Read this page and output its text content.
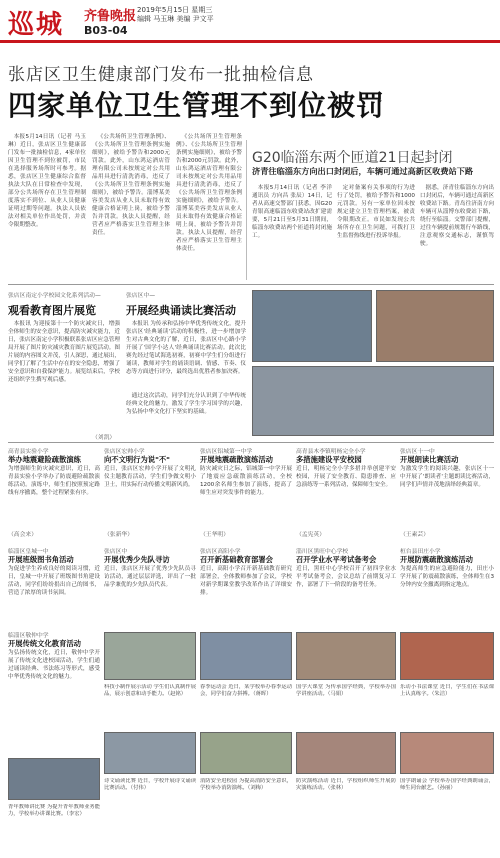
巡城 齐鲁晚报 2019年5月15日 星期三
编辑 马玉琳 美编 尹文平
B03-04
张店区卫生健康部门发布一批抽检信息
四家单位卫生管理不到位被罚

本报5月14日讯（记者 马玉琳）近日，张店区卫生健康部门发布一批抽检信息，4家单位因卫生管理不到位被罚，市民在选择服务场所时可参考。据悉，张店区卫生健康综合监督执法大队在日常检查中发现，部分公共场所存在卫生管理制度落实不到位、从业人员健康证明过期等问题。执法人员依法对相关单位作出处罚，并责令限期整改。

《公共场所卫生管理条例》、《公共场所卫生管理条例实施细则》，被给予警告和2000元罚款。此外，山东鸿运酒店管理有限公司未按规定对公共用品用具进行清洗消毒，违反了《公共场所卫生管理条例实施细则》，被给予警告。淄博某美容美发店从业人员未取得有效健康合格证明上岗，被给予警告并罚款。执法人员提醒，经营者应严格落实卫生管理主体责任。

《公共场所卫生管理条例》、《公共场所卫生管理条例实施细则》，被给予警告和2000元罚款。此外，山东鸿运酒店管理有限公司未按规定对公共用品用具进行清洗消毒，违反了《公共场所卫生管理条例实施细则》，被给予警告。淄博某美容美发店从业人员未取得有效健康合格证明上岗，被给予警告并罚款。执法人员提醒，经营者应严格落实卫生管理主体责任。

G20临淄东两个匝道21日起封闭
济青往临淄东方向出口封闭后，车辆可通过高新区收费站下路

本报5月14日讯（记者 李洋 通讯员 方向昌 张辰）14日，记者从高速交警部门获悉，因G20青银高速临淄东收费站改扩建需要，5月21日至5月31日期间，临淄东收费站两个匝道将封闭施工。

定对备案有关事项的行为进行了处罚，被给予警告和1000元罚款。另有一家单位因未按规定建立卫生管理档案，被责令限期改正。市民如发现公共场所存在卫生问题，可拨打卫生监督热线进行投诉举报。

据悉，济青往临淄东方向出口封闭后，车辆可通过高新区收费站下路。青岛往济南方向车辆可从淄博东收费站下路，绕行至临淄。交警部门提醒，过往车辆提前规划行车路线，注意观察交通标志，谨慎驾驶。

张店区南定小学校园文化系列活动—
观看教育图片展览

本报讯 为迎接第十一个防灾减灾日，增强全体师生的安全意识，提高防灾减灾能力，近日，张店区南定小学积极联系张店区应急管理局开展了图片防灾减灾教育图片展览活动。图片展的内容图文并茂，引人深思，通过展出，同学们了解了生活中存在的安全隐患，增强了安全意识和自我保护能力。展览结束后，学校还组织学生撰写观后感。

（刘凯）
张店区中—
开展经典诵读比赛活动

本报讯 为传承和弘扬中华优秀传统文化，提升张店区'经典诵读'活动的积极性，进一步增加学生对古典文化的了解，近日，张店区中心路小学开展了'国学小达人'经典诵读比赛活动。此次比赛先经过笔试海选初赛，初赛中学生们分组进行诵读，教师对学生的诵读语调、情感、节奏、仪态等方面进行评分，最终选出优胜者参加决赛。

通过这次活动，同学们充分认识到了中华传统经典文化的魅力，激发了学生学习国学的兴趣，为弘扬中华文化打下坚实的基础。

高青县实验小学
举办地震避险疏散演练
为增强师生防灾减灾意识，近日，高青县实验小学举办了防震避险疏散演练活动。演练中，师生们按照预定路线有序撤离，整个过程紧张有序。
（高会来）
张店区宏帅小学
向不文明行为说"不"
近日，张店区宏帅小学开展了文明礼仪主题教育活动，学生们争做文明小卫士，用实际行动传播文明新风尚。
（张新华）
张店区铝城第一中学
开展地震疏散演练活动
防灾减灾日之际，铝城第一中学开展了地震应急疏散演练活动，全校1200余名师生参加了演练，提高了师生应对突发事件的能力。
（王华明）
高青县木李镇明杨完全小学
多措施建设平安校园
近日，明杨完全小学多措并举创建平安校园，开展了安全教育、隐患排查、应急演练等一系列活动，保障师生安全。
（孟宪英）
张店区十一中
开展朗读比赛活动
为激发学生的阅读兴趣，张店区十一中开展了'朗读者'主题朗读比赛活动，同学们声情并茂地演绎经典篇章。
（王素芸）
临淄区皇城一中
开展班级图书角活动
为促进学生养成良好的阅读习惯，近日，皇城一中开展了班级图书角建设活动，同学们纷纷捐出自己的图书，营造了浓厚的读书氛围。
张店区中
开展优秀少先队寻访
近日，张店区开展了优秀少先队员寻访活动，通过层层评选，评出了一批品学兼优的少先队员代表。
张店区高阳小学
召开新基础教育部署会
近日，高阳小学召开新基础教育研究部署会，全体教师参加了会议，学校对新学期课堂教学改革作出了详细安排。
淄川区黑旺中心学校
召开学业水平考试备考会
近日，黑旺中心学校召开了初四学业水平考试备考会，会议总结了前期复习工作，部署了下一阶段的备考任务。
桓台县田庄小学
开展防震疏散演练活动
为提高师生的应急避险能力，田庄小学开展了防震疏散演练，全体师生在3分钟内安全撤离到指定地点。
临淄区敬仲中学
开展传统文化教育活动
为弘扬传统文化，近日，敬仲中学开展了传统文化进校园活动，学生们通过诵读经典、书法练习等形式，感受中华优秀传统文化的魅力。
科技小制作展示活动 学生们认真制作展品，展示创意和动手能力。（赵铭）
春季运动会 近日，某学校举办春季运动会，同学们奋力拼搏。（蒋晖）
国学大课堂 为传承国学经典，学校举办国学讲座活动。（马娟）
乐动小书法课堂 近日，学生们在书法课上认真练字。（朱洁）
青年教师讲比赛 为提升青年教师业务能力，学校举办讲课比赛。（李宏）
诗文诵读比赛 近日，学校开展诗文诵读比赛活动。（付伟）
消防安全进校园 为提高消防安全意识，学校举办消防演练。（刘梅）
防灾演练活动 近日，学校组织师生开展防灾演练活动。（张林）
国学朗诵会 学校举办国学经典朗诵会，师生同台献艺。（孙丽）
